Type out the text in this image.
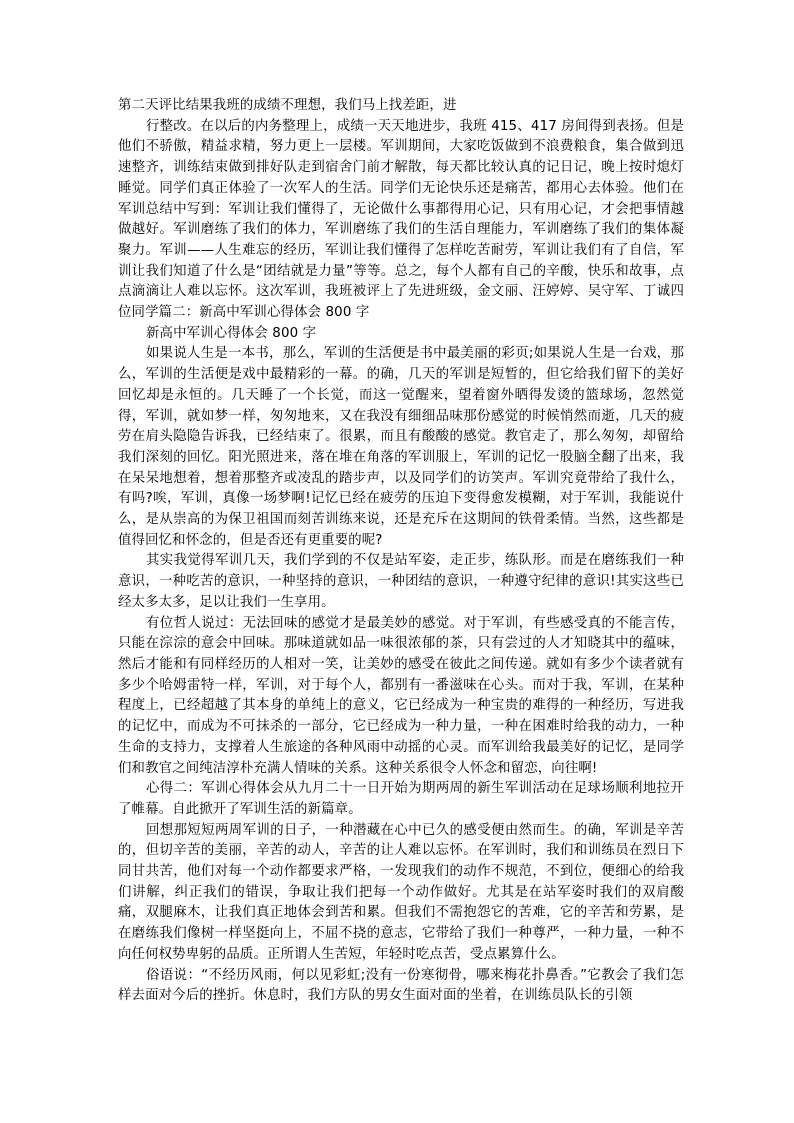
第二天评比结果我班的成绩不理想，我们马上找差距，进

行整改。在以后的内务整理上，成绩一天天地进步，我班 415、417 房间得到表扬。但是他们不骄傲，精益求精，努力更上一层楼。军训期间，大家吃饭做到不浪费粮食，集合做到迅速整齐，训练结束做到排好队走到宿舍门前才解散，每天都比较认真的记日记，晚上按时熄灯睡觉。同学们真正体验了一次军人的生活。同学们无论快乐还是痛苦，都用心去体验。他们在军训总结中写到：军训让我们懂得了，无论做什么事都得用心记，只有用心记，才会把事情越做越好。军训磨练了我们的体力，军训磨练了我们的生活自理能力，军训磨练了我们的集体凝聚力。军训——人生难忘的经历，军训让我们懂得了怎样吃苦耐劳，军训让我们有了自信，军训让我们知道了什么是“团结就是力量”等等。总之，每个人都有自己的辛酸，快乐和故事，点点滴滴让人难以忘怀。这次军训，我班被评上了先进班级，金文丽、汪婷婷、吴守军、丁诚四位同学篇二：新高中军训心得体会 800 字

新高中军训心得体会 800 字

如果说人生是一本书，那么，军训的生活便是书中最美丽的彩页;如果说人生是一台戏，那么，军训的生活便是戏中最精彩的一幕。的确，几天的军训是短暂的，但它给我们留下的美好回忆却是永恒的。几天睡了一个长觉，而这一觉醒来，望着窗外晒得发烫的篮球场，忽然觉得，军训，就如梦一样，匆匆地来，又在我没有细细品味那份感觉的时候悄然而逝，几天的疲劳在肩头隐隐告诉我，已经结束了。很累，而且有酸酸的感觉。教官走了，那么匆匆，却留给我们深刻的回忆。阳光照进来，落在堆在角落的军训服上，军训的记忆一股脑全翻了出来，我在呆呆地想着，想着那整齐或凌乱的踏步声，以及同学们的访笑声。军训究竟带给了我什么，有吗?唉，军训，真像一场梦啊!记忆已经在疲劳的压迫下变得愈发模糊，对于军训，我能说什么，是从崇高的为保卫祖国而刻苦训练来说，还是充斥在这期间的铁骨柔情。当然，这些都是值得回忆和怀念的，但是否还有更重要的呢?

其实我觉得军训几天，我们学到的不仅是站军姿，走正步，练队形。而是在磨练我们一种意识，一种吃苦的意识，一种坚持的意识，一种团结的意识，一种遵守纪律的意识!其实这些已经太多太多，足以让我们一生享用。

有位哲人说过：无法回味的感觉才是最美妙的感觉。对于军训，有些感受真的不能言传，只能在淙淙的意会中回味。那味道就如品一味很浓郁的茶，只有尝过的人才知晓其中的蕴味，然后才能和有同样经历的人相对一笑，让美妙的感受在彼此之间传递。就如有多少个读者就有多少个哈姆雷特一样，军训，对于每个人，都别有一番滋味在心头。而对于我，军训，在某种程度上，已经超越了其本身的单纯上的意义，它已经成为一种宝贵的难得的一种经历，写进我的记忆中，而成为不可抹杀的一部分，它已经成为一种力量，一种在困难时给我的动力，一种生命的支持力，支撑着人生旅途的各种风雨中动摇的心灵。而军训给我最美好的记忆，是同学们和教官之间纯洁淳朴充满人情味的关系。这种关系很令人怀念和留恋，向往啊!

心得二：军训心得体会从九月二十一日开始为期两周的新生军训活动在足球场顺利地拉开了帷幕。自此掀开了军训生活的新篇章。

回想那短短两周军训的日子，一种潜藏在心中已久的感受便由然而生。的确，军训是辛苦的，但切辛苦的美丽，辛苦的动人，辛苦的让人难以忘怀。在军训时，我们和训练员在烈日下同甘共苦，他们对每一个动作都要求严格，一发现我们的动作不规范，不到位，便细心的给我们讲解，纠正我们的错误，争取让我们把每一个动作做好。尤其是在站军姿时我们的双肩酸痛，双腿麻木，让我们真正地体会到苦和累。但我们不需抱怨它的苦难，它的辛苦和劳累，是在磨练我们像树一样坚挺向上，不屈不挠的意志，它带给了我们一种尊严，一种力量，一种不向任何权势卑躬的品质。正所谓人生苦短，年轻时吃点苦，受点累算什么。

俗语说：“不经历风雨，何以见彩虹;没有一份寒彻骨，哪来梅花扑鼻香。”它教会了我们怎样去面对今后的挫折。休息时，我们方队的男女生面对面的坐着，在训练员队长的引领
